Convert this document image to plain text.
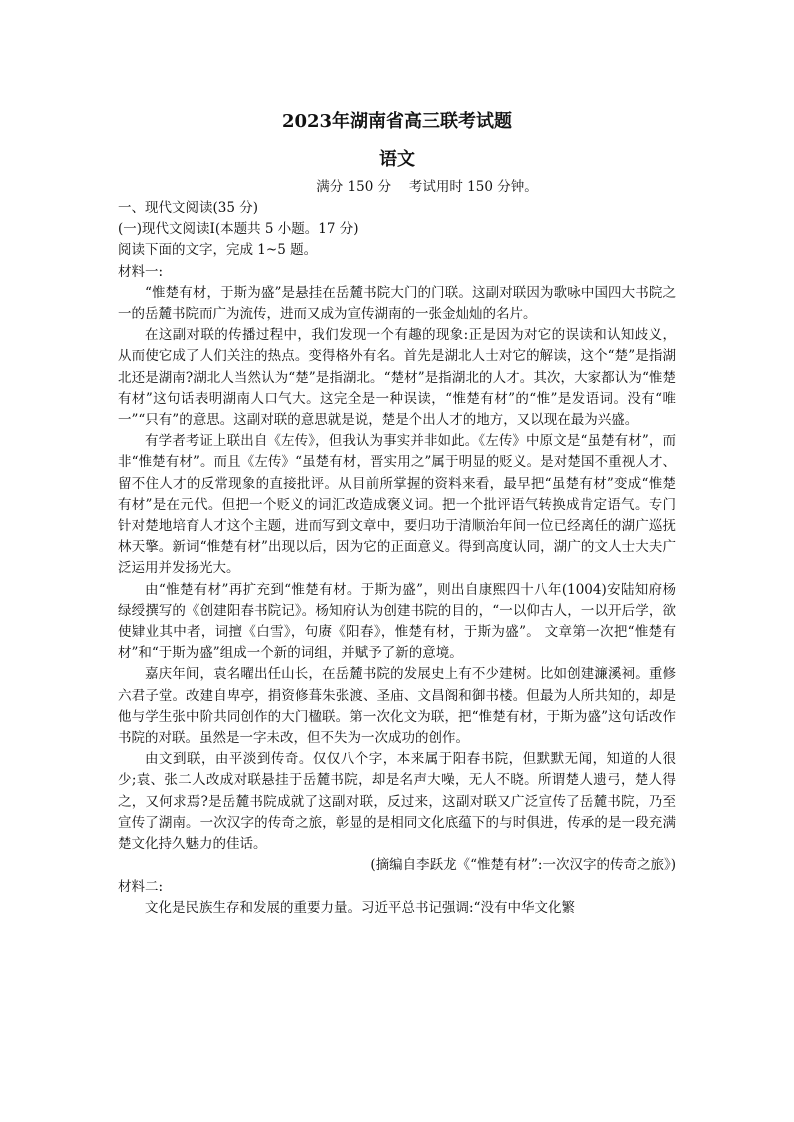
2023年湖南省高三联考试题
语文
满分 150 分　 考试用时 150 分钟。
一、现代文阅读(35 分)
(一)现代文阅读Ⅰ(本题共 5 小题。17 分)
阅读下面的文字，完成 1~5 题。
材料一:

“惟楚有材，于斯为盛”是悬挂在岳麓书院大门的门联。这副对联因为歌咏中国四大书院之一的岳麓书院而广为流传，进而又成为宣传湖南的一张金灿灿的名片。

在这副对联的传播过程中，我们发现一个有趣的现象:正是因为对它的误读和认知歧义，从而使它成了人们关注的热点。变得格外有名。首先是湖北人士对它的解读，这个“楚”是指湖北还是湖南?湖北人当然认为“楚”是指湖北。“楚材”是指湖北的人才。其次，大家都认为“惟楚有材”这句话表明湖南人口气大。这完全是一种误读，“惟楚有材”的“惟”是发语词。没有“唯一”“只有”的意思。这副对联的意思就是说，楚是个出人才的地方，又以现在最为兴盛。

有学者考证上联出自《左传》，但我认为事实并非如此。《左传》中原文是“虽楚有材”，而非“惟楚有材”。而且《左传》“虽楚有材，晋实用之”属于明显的贬义。是对楚国不重视人才、留不住人才的反常现象的直接批评。从目前所掌握的资料来看，最早把“虽楚有材”变成“惟楚有材”是在元代。但把一个贬义的词汇改造成褒义词。把一个批评语气转换成肯定语气。专门针对楚地培育人才这个主题，进而写到文章中，要归功于清顺治年间一位已经离任的湖广巡抚林天擎。新词“惟楚有材”出现以后，因为它的正面意义。得到高度认同，湖广的文人士大夫广泛运用并发扬光大。

由“惟楚有材”再扩充到“惟楚有材。于斯为盛”，则出自康熙四十八年(1004)安陆知府杨绿绶撰写的《创建阳春书院记》。杨知府认为创建书院的目的，“一以仰古人，一以开后学，欲使肄业其中者，词擅《白雪》，句赓《阳春》，惟楚有材，于斯为盛”。 文章第一次把“惟楚有材”和“于斯为盛”组成一个新的词组，并赋予了新的意境。

嘉庆年间，袁名曜出任山长，在岳麓书院的发展史上有不少建树。比如创建濂溪祠。重修六君子堂。改建自卑亭，捐资修葺朱张渡、圣庙、文昌阁和御书楼。但最为人所共知的，却是他与学生张中阶共同创作的大门楹联。第一次化文为联，把“惟楚有材，于斯为盛”这句话改作书院的对联。虽然是一字未改，但不失为一次成功的创作。

由文到联，由平淡到传奇。仅仅八个字，本来属于阳春书院，但默默无闻，知道的人很少;袁、张二人改成对联悬挂于岳麓书院，却是名声大噪，无人不晓。所谓楚人遗弓，楚人得之，又何求焉?是岳麓书院成就了这副对联，反过来，这副对联又广泛宣传了岳麓书院，乃至宣传了湖南。一次汉字的传奇之旅，彰显的是相同文化底蕴下的与时俱进，传承的是一段充满楚文化持久魅力的佳话。

(摘编自李跃龙《“惟楚有材”:一次汉字的传奇之旅》)
材料二:

文化是民族生存和发展的重要力量。习近平总书记强调:“没有中华文化繁
